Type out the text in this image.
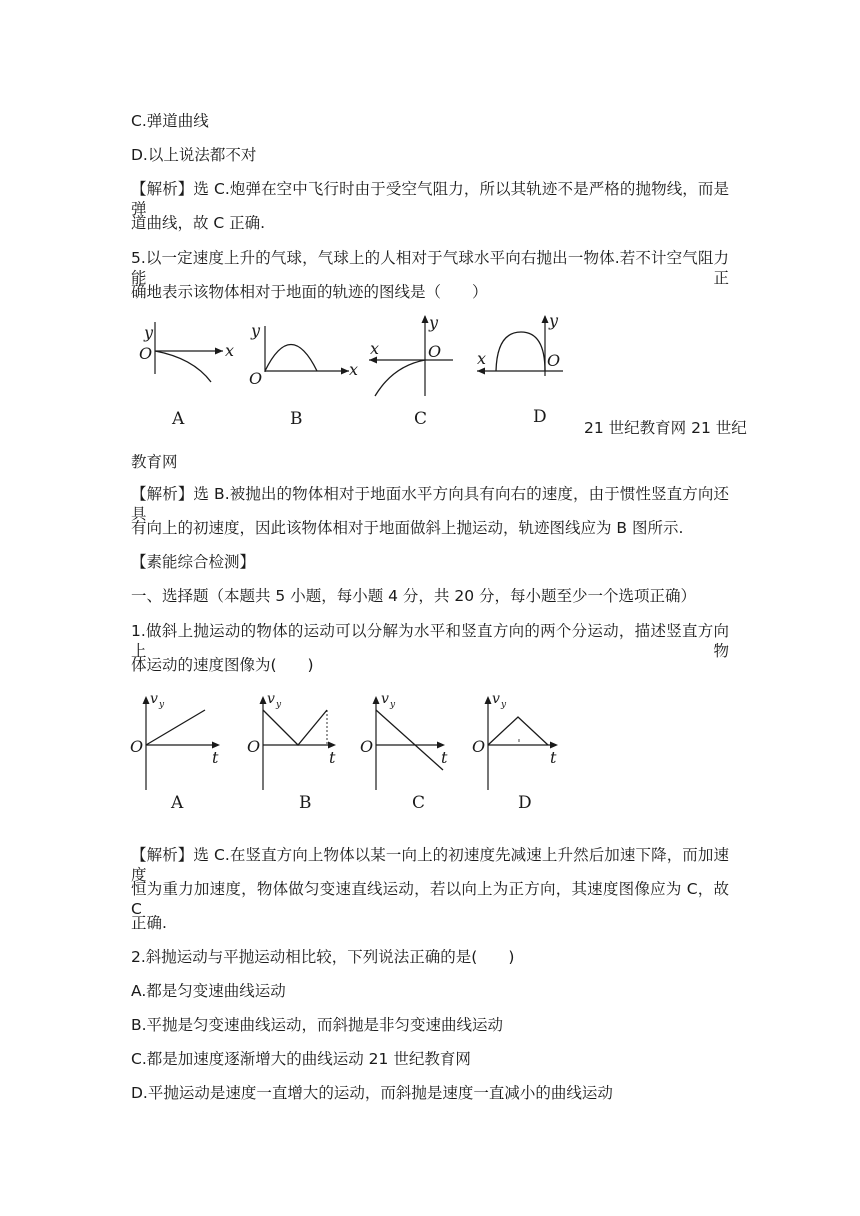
C.弹道曲线
D.以上说法都不对
【解析】选 C.炮弹在空中飞行时由于受空气阻力，所以其轨迹不是严格的抛物线，而是弹
道曲线，故 C 正确.
5.以一定速度上升的气球，气球上的人相对于气球水平向右抛出一物体.若不计空气阻力能正
确地表示该物体相对于地面的轨迹的图线是（　　）
y
O	x
A
y
O	x
B
y
O
x
C
y
O
x
D
21 世纪教育网 21 世纪
教育网
【解析】选 B.被抛出的物体相对于地面水平方向具有向右的速度，由于惯性竖直方向还具
有向上的初速度，因此该物体相对于地面做斜上抛运动，轨迹图线应为 B 图所示.
【素能综合检测】
一、选择题（本题共 5 小题，每小题 4 分，共 20 分，每小题至少一个选项正确）
1.做斜上抛运动的物体的运动可以分解为水平和竖直方向的两个分运动，描述竖直方向上物
体运动的速度图像为(　　)
v y
O
t
A
v y
O
t
B
v y
O
t
C
v y
O
t
D
【解析】选 C.在竖直方向上物体以某一向上的初速度先减速上升然后加速下降，而加速度
恒为重力加速度，物体做匀变速直线运动，若以向上为正方向，其速度图像应为 C，故 C
正确.
2.斜抛运动与平抛运动相比较，下列说法正确的是(　　)
A.都是匀变速曲线运动
B.平抛是匀变速曲线运动，而斜抛是非匀变速曲线运动
C.都是加速度逐渐增大的曲线运动 21 世纪教育网
D.平抛运动是速度一直增大的运动，而斜抛是速度一直减小的曲线运动
